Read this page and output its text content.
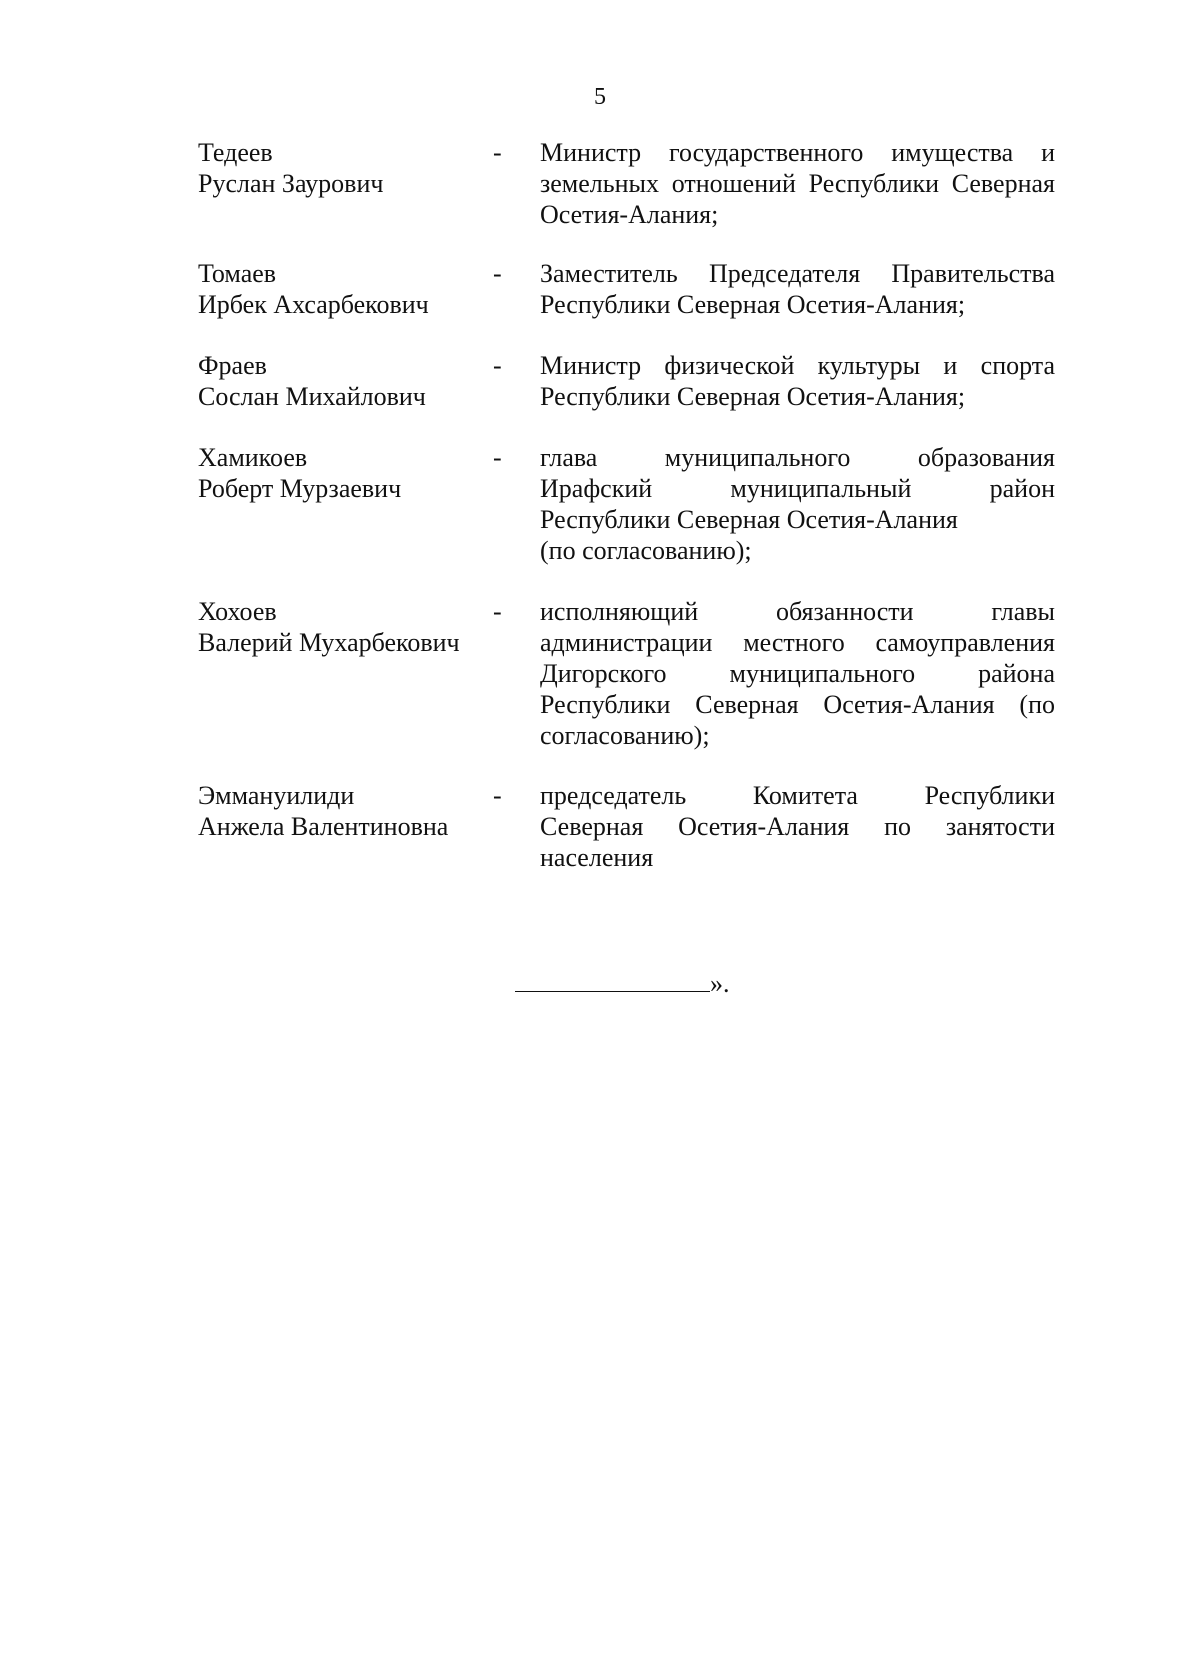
5
Тедеев
Руслан Заурович
- Министр государственного имущества и
земельных отношений Республики Северная
Осетия-Алания;
Томаев
Ирбек Ахсарбекович
- Заместитель Председателя Правительства
Республики Северная Осетия-Алания;
Фраев
Сослан Михайлович
- Министр физической культуры и спорта
Республики Северная Осетия-Алания;
Хамикоев
Роберт Мурзаевич
- глава муниципального образования
Ирафский муниципальный район
Республики Северная Осетия-Алания
(по согласованию);
Хохоев
Валерий Мухарбекович
- исполняющий обязанности главы
администрации местного самоуправления
Дигорского муниципального района
Республики Северная Осетия-Алания (по
согласованию);
Эммануилиди
Анжела Валентиновна
- председатель Комитета Республики
Северная Осетия-Алания по занятости
населения
».
